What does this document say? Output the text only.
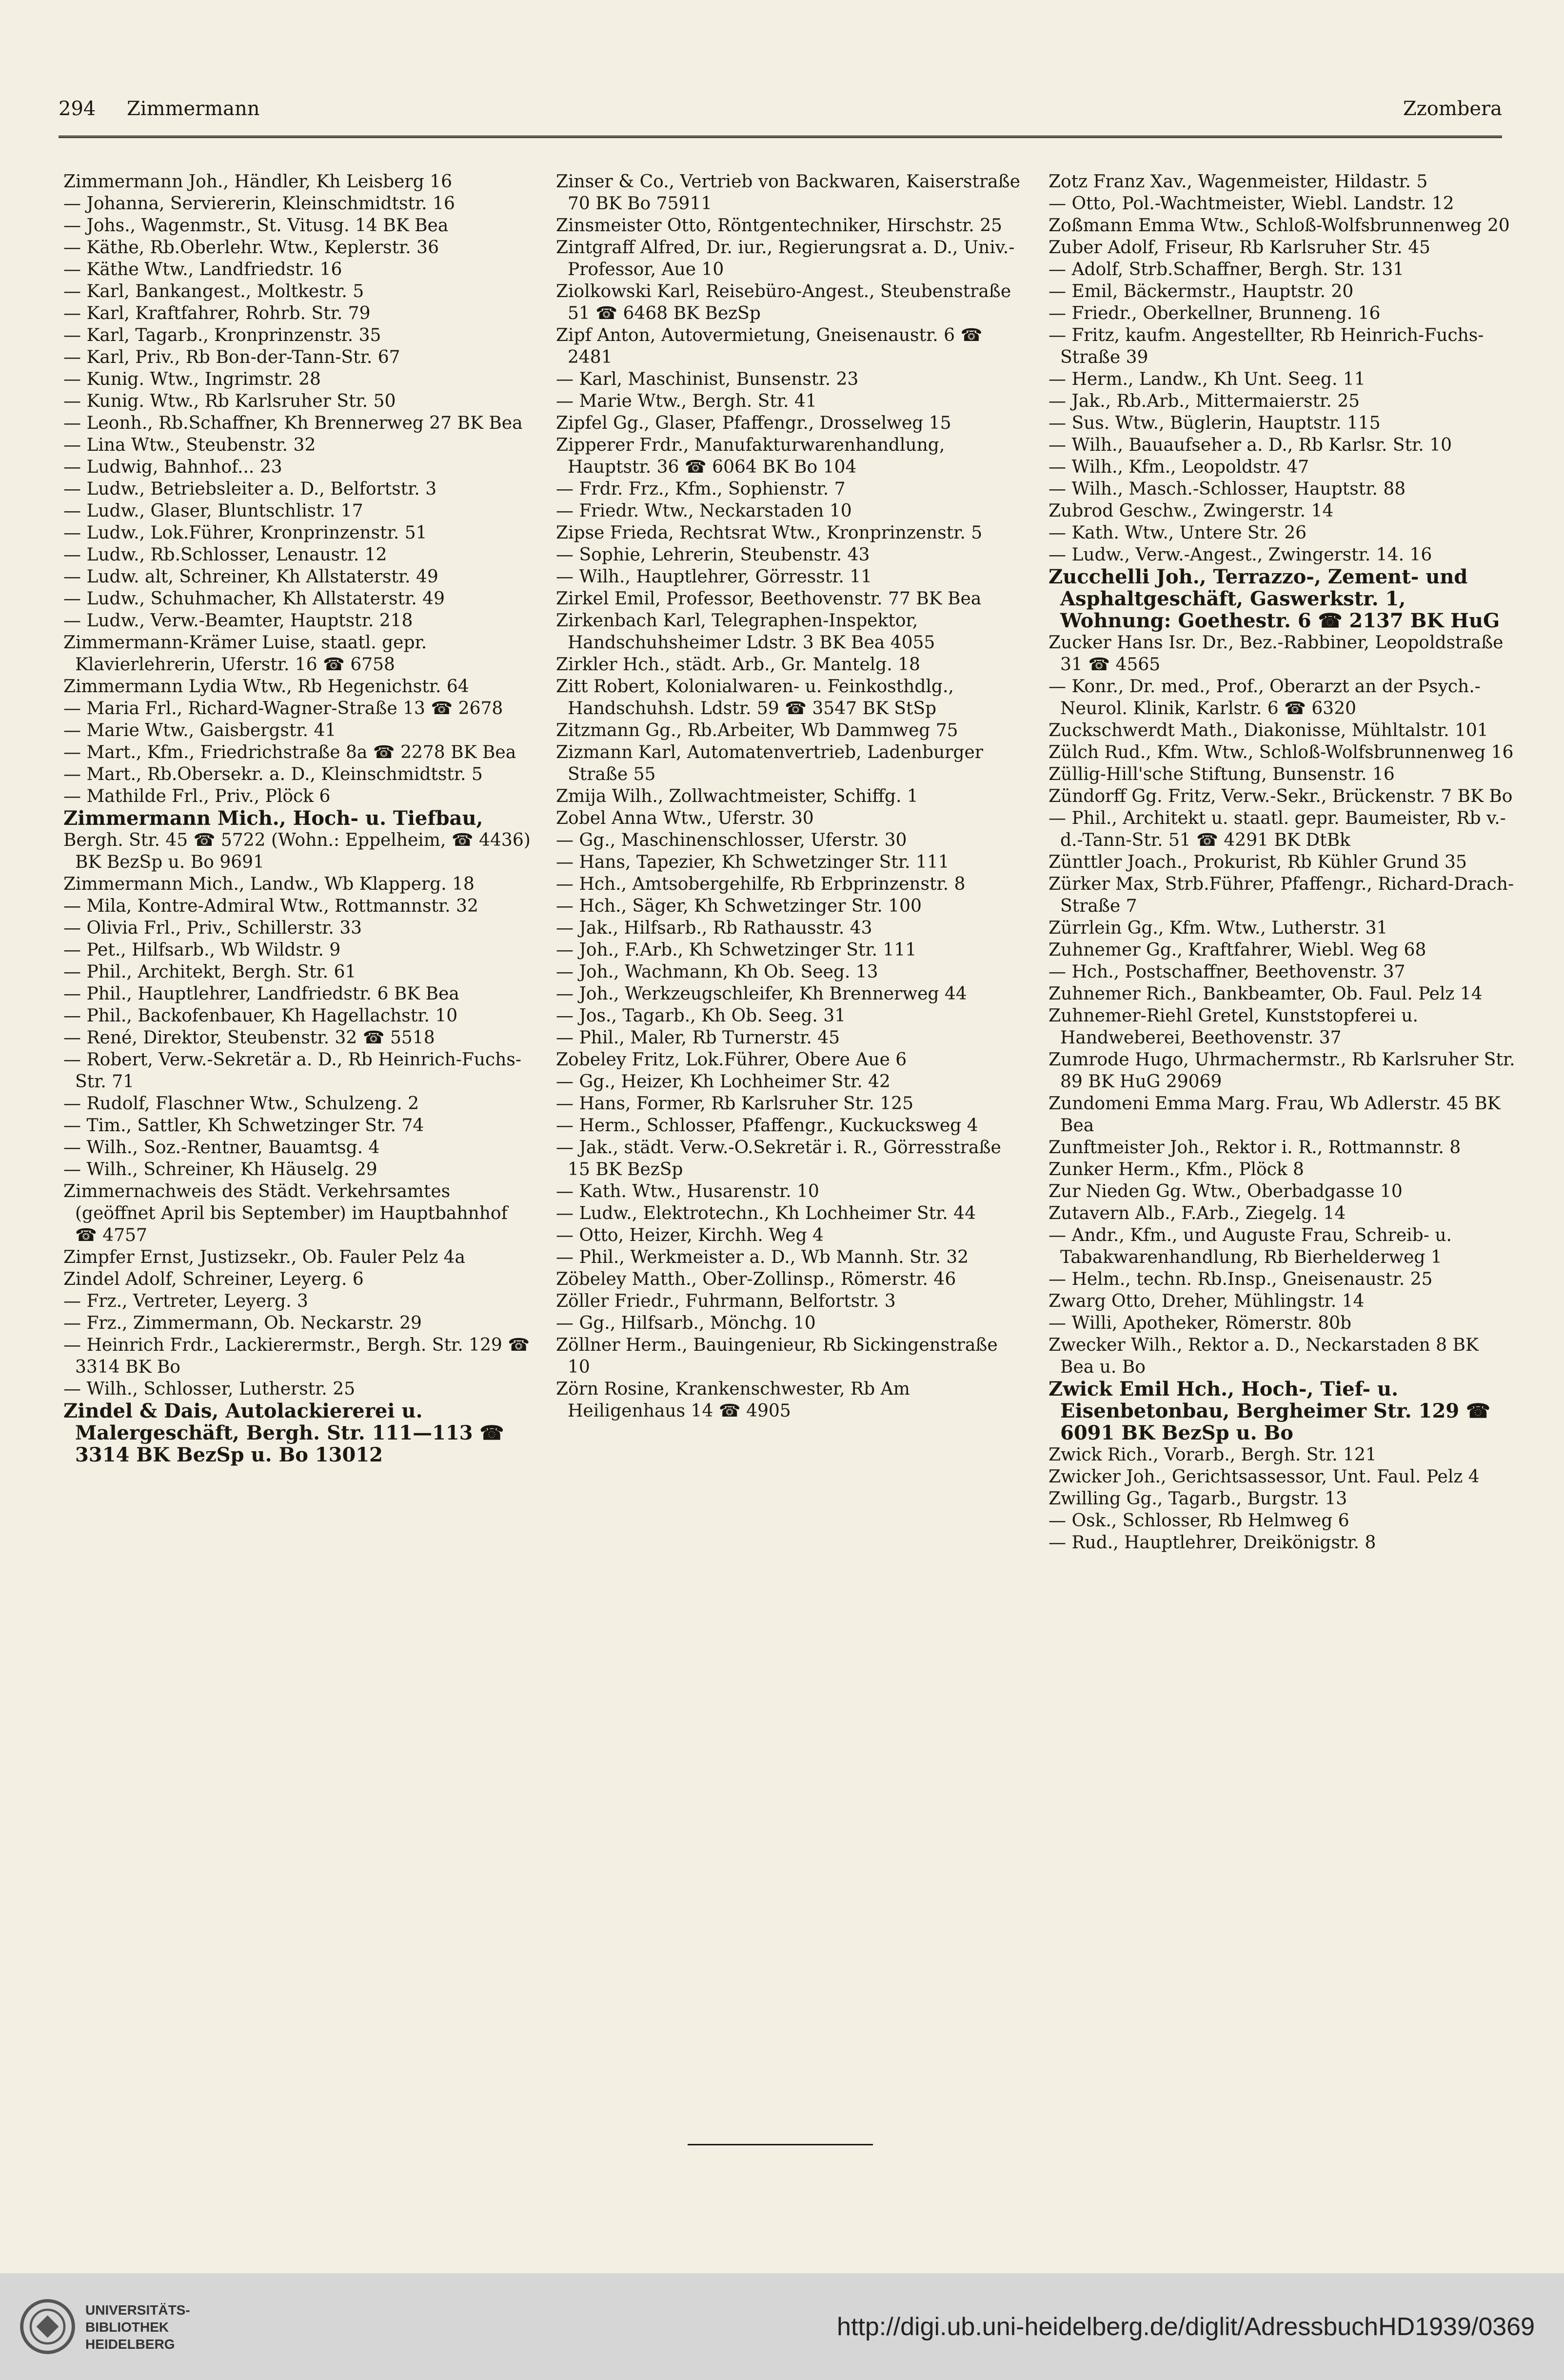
294 Zimmermann	Zzombera

Zimmermann Joh., Händler, Kh Leisberg 16

— Johanna, Serviererin, Kleinschmidtstr. 16

— Johs., Wagenmstr., St. Vitusg. 14 BK Bea

— Käthe, Rb.Oberlehr. Wtw., Keplerstr. 36

— Käthe Wtw., Landfriedstr. 16

— Karl, Bankangest., Moltkestr. 5

— Karl, Kraftfahrer, Rohrb. Str. 79

— Karl, Tagarb., Kronprinzenstr. 35

— Karl, Priv., Rb Bon-der-Tann-Str. 67

— Kunig. Wtw., Ingrimstr. 28

— Kunig. Wtw., Rb Karlsruher Str. 50

— Leonh., Rb.Schaffner, Kh Brennerweg 27 BK Bea

— Lina Wtw., Steubenstr. 32

— Ludwig, Bahnhof... 23

— Ludw., Betriebsleiter a. D., Belfortstr. 3

— Ludw., Glaser, Bluntschlistr. 17

— Ludw., Lok.Führer, Kronprinzenstr. 51

— Ludw., Rb.Schlosser, Lenaustr. 12

— Ludw. alt, Schreiner, Kh Allstaterstr. 49

— Ludw., Schuhmacher, Kh Allstaterstr. 49

— Ludw., Verw.-Beamter, Hauptstr. 218

Zimmermann-Krämer Luise, staatl. gepr. Klavierlehrerin, Uferstr. 16 ☎ 6758

Zimmermann Lydia Wtw., Rb Hegenichstr. 64

— Maria Frl., Richard-Wagner-Straße 13 ☎ 2678

— Marie Wtw., Gaisbergstr. 41

— Mart., Kfm., Friedrichstraße 8a ☎ 2278 BK Bea

— Mart., Rb.Obersekr. a. D., Kleinschmidtstr. 5

— Mathilde Frl., Priv., Plöck 6

Zimmermann Mich., Hoch- u. Tiefbau,

Bergh. Str. 45 ☎ 5722 (Wohn.: Eppelheim, ☎ 4436) BK BezSp u. Bo 9691

Zimmermann Mich., Landw., Wb Klapperg. 18

— Mila, Kontre-Admiral Wtw., Rottmannstr. 32

— Olivia Frl., Priv., Schillerstr. 33

— Pet., Hilfsarb., Wb Wildstr. 9

— Phil., Architekt, Bergh. Str. 61

— Phil., Hauptlehrer, Landfriedstr. 6 BK Bea

— Phil., Backofenbauer, Kh Hagellachstr. 10

— René, Direktor, Steubenstr. 32 ☎ 5518

— Robert, Verw.-Sekretär a. D., Rb Heinrich-Fuchs-Str. 71

— Rudolf, Flaschner Wtw., Schulzeng. 2

— Tim., Sattler, Kh Schwetzinger Str. 74

— Wilh., Soz.-Rentner, Bauamtsg. 4

— Wilh., Schreiner, Kh Häuselg. 29

Zimmernachweis des Städt. Verkehrsamtes (geöffnet April bis September) im Hauptbahnhof ☎ 4757

Zimpfer Ernst, Justizsekr., Ob. Fauler Pelz 4a

Zindel Adolf, Schreiner, Leyerg. 6

— Frz., Vertreter, Leyerg. 3

— Frz., Zimmermann, Ob. Neckarstr. 29

— Heinrich Frdr., Lackierermstr., Bergh. Str. 129 ☎ 3314 BK Bo

— Wilh., Schlosser, Lutherstr. 25

Zindel & Dais, Autolackiererei u. Malergeschäft, Bergh. Str. 111—113 ☎ 3314 BK BezSp u. Bo 13012

Zinser & Co., Vertrieb von Backwaren, Kaiserstraße 70 BK Bo 75911

Zinsmeister Otto, Röntgentechniker, Hirschstr. 25

Zintgraff Alfred, Dr. iur., Regierungsrat a. D., Univ.-Professor, Aue 10

Ziolkowski Karl, Reisebüro-Angest., Steubenstraße 51 ☎ 6468 BK BezSp

Zipf Anton, Autovermietung, Gneisenaustr. 6 ☎ 2481

— Karl, Maschinist, Bunsenstr. 23

— Marie Wtw., Bergh. Str. 41

Zipfel Gg., Glaser, Pfaffengr., Drosselweg 15

Zipperer Frdr., Manufakturwarenhandlung, Hauptstr. 36 ☎ 6064 BK Bo 104

— Frdr. Frz., Kfm., Sophienstr. 7

— Friedr. Wtw., Neckarstaden 10

Zipse Frieda, Rechtsrat Wtw., Kronprinzenstr. 5

— Sophie, Lehrerin, Steubenstr. 43

— Wilh., Hauptlehrer, Görresstr. 11

Zirkel Emil, Professor, Beethovenstr. 77 BK Bea

Zirkenbach Karl, Telegraphen-Inspektor, Handschuhsheimer Ldstr. 3 BK Bea 4055

Zirkler Hch., städt. Arb., Gr. Mantelg. 18

Zitt Robert, Kolonialwaren- u. Feinkosthdlg., Handschuhsh. Ldstr. 59 ☎ 3547 BK StSp

Zitzmann Gg., Rb.Arbeiter, Wb Dammweg 75

Zizmann Karl, Automatenvertrieb, Ladenburger Straße 55

Zmija Wilh., Zollwachtmeister, Schiffg. 1

Zobel Anna Wtw., Uferstr. 30

— Gg., Maschinenschlosser, Uferstr. 30

— Hans, Tapezier, Kh Schwetzinger Str. 111

— Hch., Amtsobergehilfe, Rb Erbprinzenstr. 8

— Hch., Säger, Kh Schwetzinger Str. 100

— Jak., Hilfsarb., Rb Rathausstr. 43

— Joh., F.Arb., Kh Schwetzinger Str. 111

— Joh., Wachmann, Kh Ob. Seeg. 13

— Joh., Werkzeugschleifer, Kh Brennerweg 44

— Jos., Tagarb., Kh Ob. Seeg. 31

— Phil., Maler, Rb Turnerstr. 45

Zobeley Fritz, Lok.Führer, Obere Aue 6

— Gg., Heizer, Kh Lochheimer Str. 42

— Hans, Former, Rb Karlsruher Str. 125

— Herm., Schlosser, Pfaffengr., Kuckucksweg 4

— Jak., städt. Verw.-O.Sekretär i. R., Görresstraße 15 BK BezSp

— Kath. Wtw., Husarenstr. 10

— Ludw., Elektrotechn., Kh Lochheimer Str. 44

— Otto, Heizer, Kirchh. Weg 4

— Phil., Werkmeister a. D., Wb Mannh. Str. 32

Zöbeley Matth., Ober-Zollinsp., Römerstr. 46

Zöller Friedr., Fuhrmann, Belfortstr. 3

— Gg., Hilfsarb., Mönchg. 10

Zöllner Herm., Bauingenieur, Rb Sickingenstraße 10

Zörn Rosine, Krankenschwester, Rb Am Heiligenhaus 14 ☎ 4905

Zotz Franz Xav., Wagenmeister, Hildastr. 5

— Otto, Pol.-Wachtmeister, Wiebl. Landstr. 12

Zoßmann Emma Wtw., Schloß-Wolfsbrunnenweg 20

Zuber Adolf, Friseur, Rb Karlsruher Str. 45

— Adolf, Strb.Schaffner, Bergh. Str. 131

— Emil, Bäckermstr., Hauptstr. 20

— Friedr., Oberkellner, Brunneng. 16

— Fritz, kaufm. Angestellter, Rb Heinrich-Fuchs-Straße 39

— Herm., Landw., Kh Unt. Seeg. 11

— Jak., Rb.Arb., Mittermaierstr. 25

— Sus. Wtw., Büglerin, Hauptstr. 115

— Wilh., Bauaufseher a. D., Rb Karlsr. Str. 10

— Wilh., Kfm., Leopoldstr. 47

— Wilh., Masch.-Schlosser, Hauptstr. 88

Zubrod Geschw., Zwingerstr. 14

— Kath. Wtw., Untere Str. 26

— Ludw., Verw.-Angest., Zwingerstr. 14. 16

Zucchelli Joh., Terrazzo-, Zement- und Asphaltgeschäft, Gaswerkstr. 1, Wohnung: Goethestr. 6 ☎ 2137 BK HuG

Zucker Hans Isr. Dr., Bez.-Rabbiner, Leopoldstraße 31 ☎ 4565

— Konr., Dr. med., Prof., Oberarzt an der Psych.-Neurol. Klinik, Karlstr. 6 ☎ 6320

Zuckschwerdt Math., Diakonisse, Mühltalstr. 101

Zülch Rud., Kfm. Wtw., Schloß-Wolfsbrunnenweg 16

Züllig-Hill'sche Stiftung, Bunsenstr. 16

Zündorff Gg. Fritz, Verw.-Sekr., Brückenstr. 7 BK Bo

— Phil., Architekt u. staatl. gepr. Baumeister, Rb v.-d.-Tann-Str. 51 ☎ 4291 BK DtBk

Zünttler Joach., Prokurist, Rb Kühler Grund 35

Zürker Max, Strb.Führer, Pfaffengr., Richard-Drach-Straße 7

Zürrlein Gg., Kfm. Wtw., Lutherstr. 31

Zuhnemer Gg., Kraftfahrer, Wiebl. Weg 68

— Hch., Postschaffner, Beethovenstr. 37

Zuhnemer Rich., Bankbeamter, Ob. Faul. Pelz 14

Zuhnemer-Riehl Gretel, Kunststopferei u. Handweberei, Beethovenstr. 37

Zumrode Hugo, Uhrmachermstr., Rb Karlsruher Str. 89 BK HuG 29069

Zundomeni Emma Marg. Frau, Wb Adlerstr. 45 BK Bea

Zunftmeister Joh., Rektor i. R., Rottmannstr. 8

Zunker Herm., Kfm., Plöck 8

Zur Nieden Gg. Wtw., Oberbadgasse 10

Zutavern Alb., F.Arb., Ziegelg. 14

— Andr., Kfm., und Auguste Frau, Schreib- u. Tabakwarenhandlung, Rb Bierhelderweg 1

— Helm., techn. Rb.Insp., Gneisenaustr. 25

Zwarg Otto, Dreher, Mühlingstr. 14

— Willi, Apotheker, Römerstr. 80b

Zwecker Wilh., Rektor a. D., Neckarstaden 8 BK Bea u. Bo

Zwick Emil Hch., Hoch-, Tief- u. Eisenbetonbau, Bergheimer Str. 129 ☎ 6091 BK BezSp u. Bo

Zwick Rich., Vorarb., Bergh. Str. 121

Zwicker Joh., Gerichtsassessor, Unt. Faul. Pelz 4

Zwilling Gg., Tagarb., Burgstr. 13

— Osk., Schlosser, Rb Helmweg 6

— Rud., Hauptlehrer, Dreikönigstr. 8

UNIVERSITÄTS-
BIBLIOTHEK
HEIDELBERG
http://digi.ub.uni-heidelberg.de/diglit/AdressbuchHD1939/0369
